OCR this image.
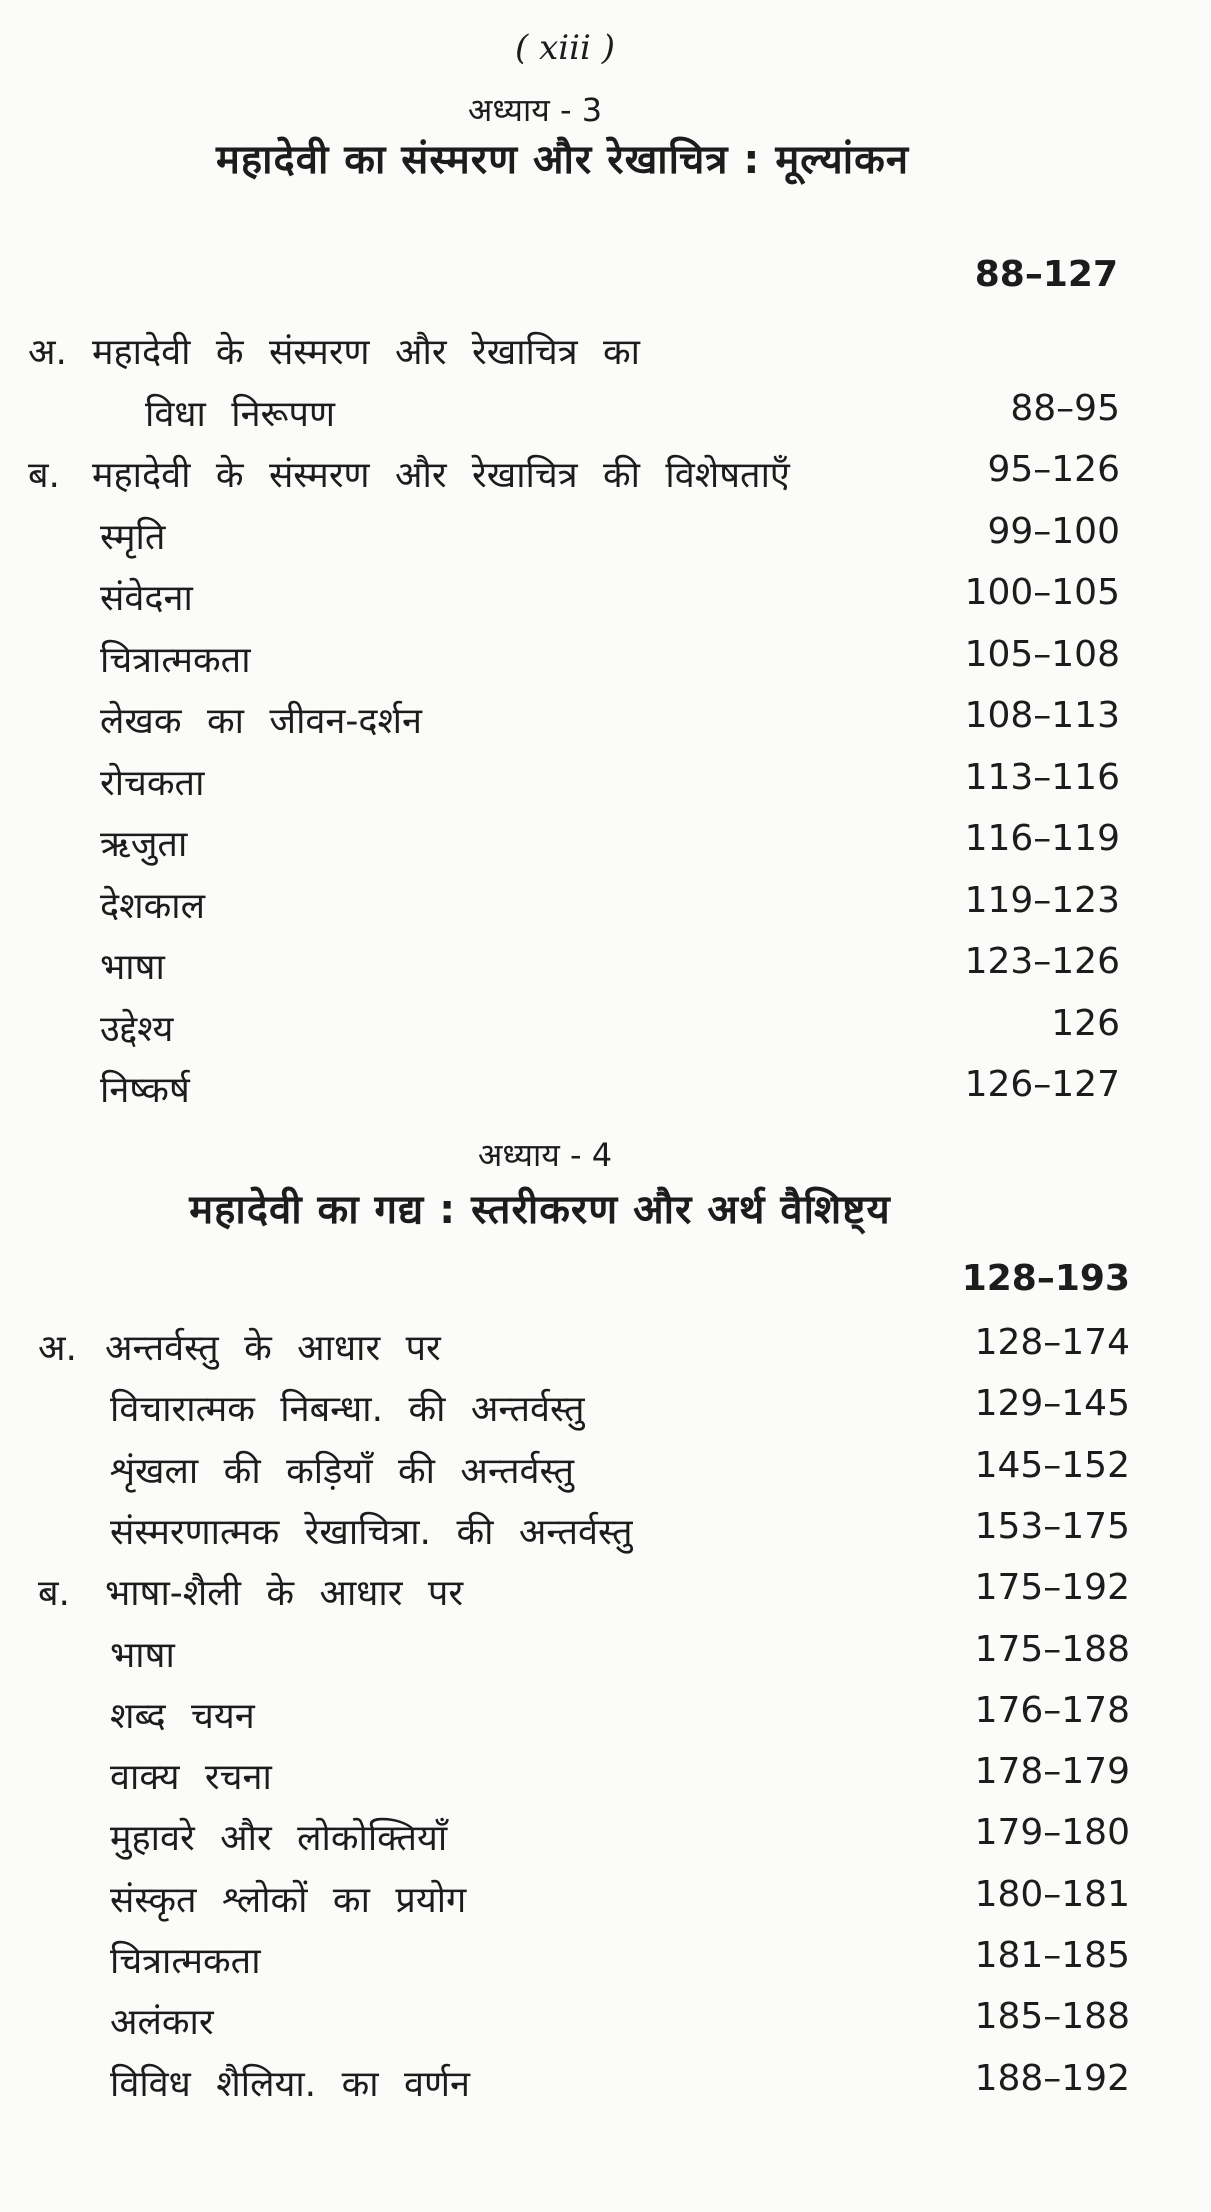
( xiii )
अध्याय - 3
महादेवी का संस्मरण और रेखाचित्र : मूल्यांकन
88–127
अ. महादेवी के संस्मरण और रेखाचित्र का
विधा निरूपण	88–95
ब. महादेवी के संस्मरण और रेखाचित्र की विशेषताएँ	95–126
स्मृति	99–100
संवेदना	100–105
चित्रात्मकता	105–108
लेखक का जीवन-दर्शन	108–113
रोचकता	113–116
ऋजुता	116–119
देशकाल	119–123
भाषा	123–126
उद्देश्य	126
निष्कर्ष	126–127
अध्याय - 4
महादेवी का गद्य : स्तरीकरण और अर्थ वैशिष्ट्य
128–193
अ. अन्तर्वस्तु के आधार पर	128–174
विचारात्मक निबन्धा. की अन्तर्वस्तु	129–145
शृंखला की कड़ियाँ की अन्तर्वस्तु	145–152
संस्मरणात्मक रेखाचित्रा. की अन्तर्वस्तु	153–175
ब. भाषा-शैली के आधार पर	175–192
भाषा	175–188
शब्द चयन	176–178
वाक्य रचना	178–179
मुहावरे और लोकोक्तियाँ	179–180
संस्कृत श्लोकों का प्रयोग	180–181
चित्रात्मकता	181–185
अलंकार	185–188
विविध शैलिया. का वर्णन	188–192
